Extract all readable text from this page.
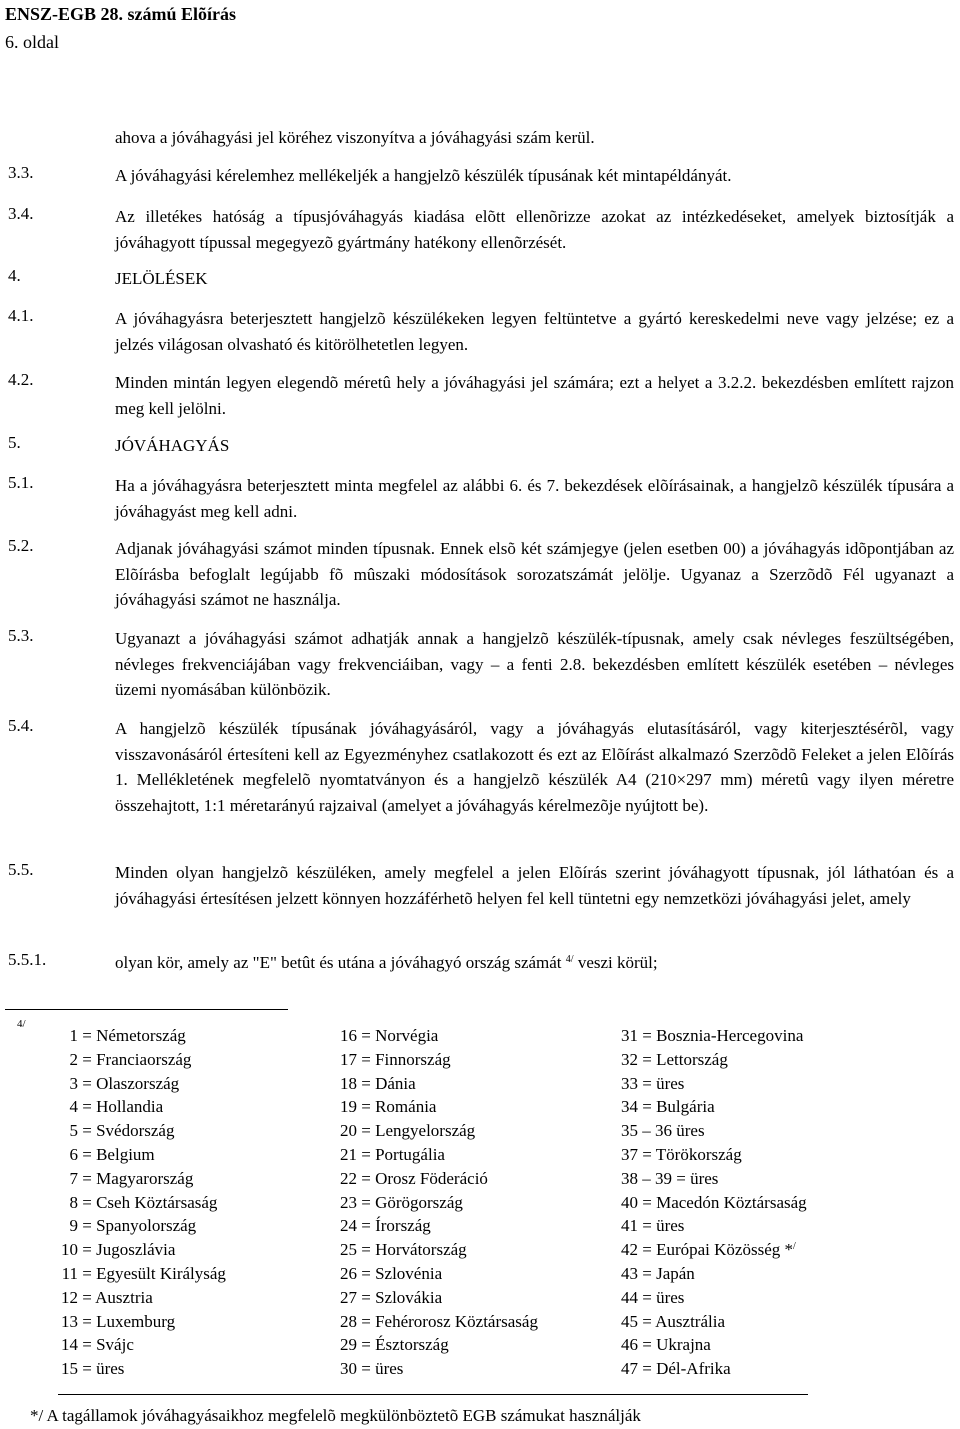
ENSZ-EGB 28. számú Elõírás
6. oldal
ahova a jóváhagyási jel köréhez viszonyítva a jóváhagyási szám kerül.
3.3.	A jóváhagyási kérelemhez mellékeljék a hangjelzõ készülék típusának két mintapéldányát.
3.4.	Az illetékes hatóság a típusjóváhagyás kiadása elõtt ellenõrizze azokat az intézkedéseket, amelyek biztosítják a jóváhagyott típussal megegyezõ gyártmány hatékony ellenõrzését.
4.	JELÖLÉSEK
4.1.	A jóváhagyásra beterjesztett hangjelzõ készülékeken legyen feltüntetve a gyártó kereskedelmi neve vagy jelzése; ez a jelzés világosan olvasható és kitörölhetetlen legyen.
4.2.	Minden mintán legyen elegendõ méretû hely a jóváhagyási jel számára; ezt a helyet a 3.2.2. bekezdésben említett rajzon meg kell jelölni.
5.	JÓVÁHAGYÁS
5.1.	Ha a jóváhagyásra beterjesztett minta megfelel az alábbi 6. és 7. bekezdések elõírásainak, a hangjelzõ készülék típusára a jóváhagyást meg kell adni.
5.2.	Adjanak jóváhagyási számot minden típusnak. Ennek elsõ két számjegye (jelen esetben 00) a jóváhagyás idõpontjában az Elõírásba befoglalt legújabb fõ mûszaki módosítások sorozatszámát jelölje. Ugyanaz a Szerzõdõ Fél ugyanazt a jóváhagyási számot ne használja.
5.3.	Ugyanazt a jóváhagyási számot adhatják annak a hangjelzõ készülék-típusnak, amely csak névleges feszültségében, névleges frekvenciájában vagy frekvenciáiban, vagy – a fenti 2.8. bekezdésben említett készülék esetében – névleges üzemi nyomásában különbözik.
5.4.	A hangjelzõ készülék típusának jóváhagyásáról, vagy a jóváhagyás elutasításáról, vagy kiterjesztésérõl, vagy visszavonásáról értesíteni kell az Egyezményhez csatlakozott és ezt az Elõírást alkalmazó Szerzõdõ Feleket a jelen Elõírás 1. Mellékletének megfelelõ nyomtatványon és a hangjelzõ készülék A4 (210×297 mm) méretû vagy ilyen méretre összehajtott, 1:1 méretarányú rajzaival (amelyet a jóváhagyás kérelmezõje nyújtott be).
5.5.	Minden olyan hangjelzõ készüléken, amely megfelel a jelen Elõírás szerint jóváhagyott típusnak, jól láthatóan és a jóváhagyási értesítésen jelzett könnyen hozzáférhetõ helyen fel kell tüntetni egy nemzetközi jóváhagyási jelet, amely
5.5.1.	olyan kör, amely az "E" betût és utána a jóváhagyó ország számát $^{4/}$ veszi körül;
4/
1 = Németország
2 = Franciaország
3 = Olaszország
4 = Hollandia
5 = Svédország
6 = Belgium
7 = Magyarország
8 = Cseh Köztársaság
9 = Spanyolország
10 = Jugoszlávia
11 = Egyesült Királyság
12 = Ausztria
13 = Luxemburg
14 = Svájc
15 = üres
16 = Norvégia
17 = Finnország
18 = Dánia
19 = Románia
20 = Lengyelország
21 = Portugália
22 = Orosz Föderáció
23 = Görögország
24 = Írország
25 = Horvátország
26 = Szlovénia
27 = Szlovákia
28 = Fehérorosz Köztársaság
29 = Észtország
30 = üres
31 = Bosznia-Hercegovina
32 = Lettország
33 = üres
34 = Bulgária
35 – 36 üres
37 = Törökország
38 – 39 = üres
40 = Macedón Köztársaság
41 = üres
42 = Európai Közösség */
43 = Japán
44 = üres
45 = Ausztrália
46 = Ukrajna
47 = Dél-Afrika
*/ A tagállamok jóváhagyásaikhoz megfelelõ megkülönböztetõ EGB számukat használják
